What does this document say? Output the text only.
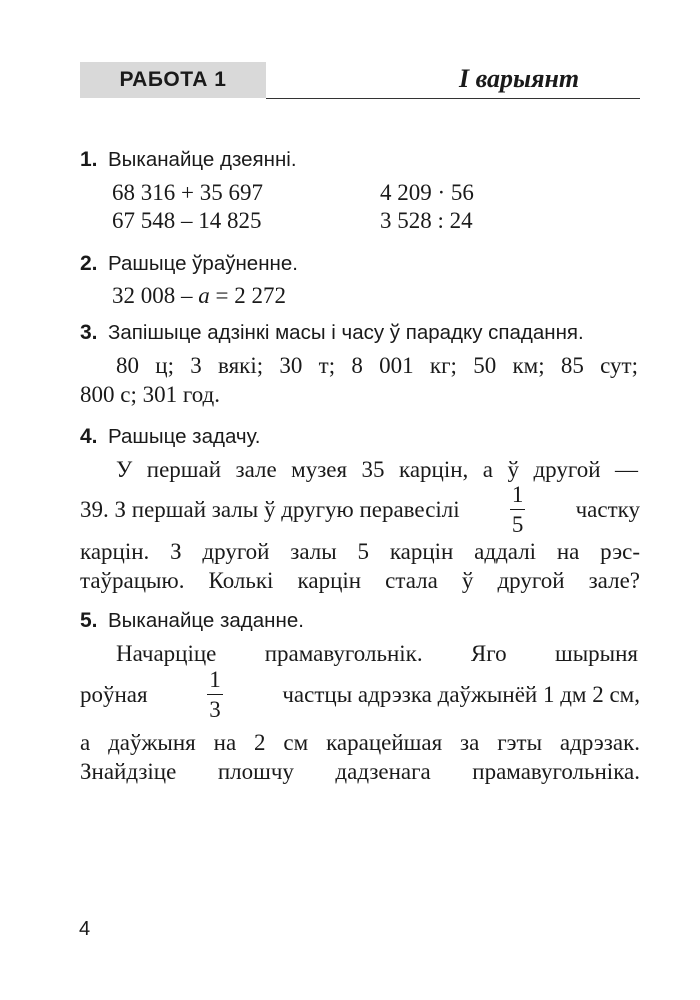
РАБОТА 1	I варыянт
1. Выканайце дзеянні.
68 316 + 35 697	4 209 · 56
67 548 – 14 825	3 528 : 24
2. Рашыце ўраўненне.
32 008 – a = 2 272
3. Запішыце адзінкі масы і часу ў парадку спадання.
80 ц; 3 вякі; 30 т; 8 001 кг; 50 км; 85 сут;
800 с; 301 год.
4. Рашыце задачу.
У першай зале музея 35 карцін, а ў другой —
39. З першай залы ў другую перавесілі $\frac{1}{5}$ частку
карцін. З другой залы 5 карцін аддалі на рэс-
таўрацыю. Колькі карцін стала ў другой зале?
5. Выканайце заданне.
Начарціце прамавугольнік. Яго шырыня
роўная	$\frac{1}{3}$	частцы адрэзка даўжынёй 1 дм 2 см,
а даўжыня на 2 см карацейшая за гэты адрэзак.
Знайдзіце плошчу дадзенага прамавугольніка.
4
